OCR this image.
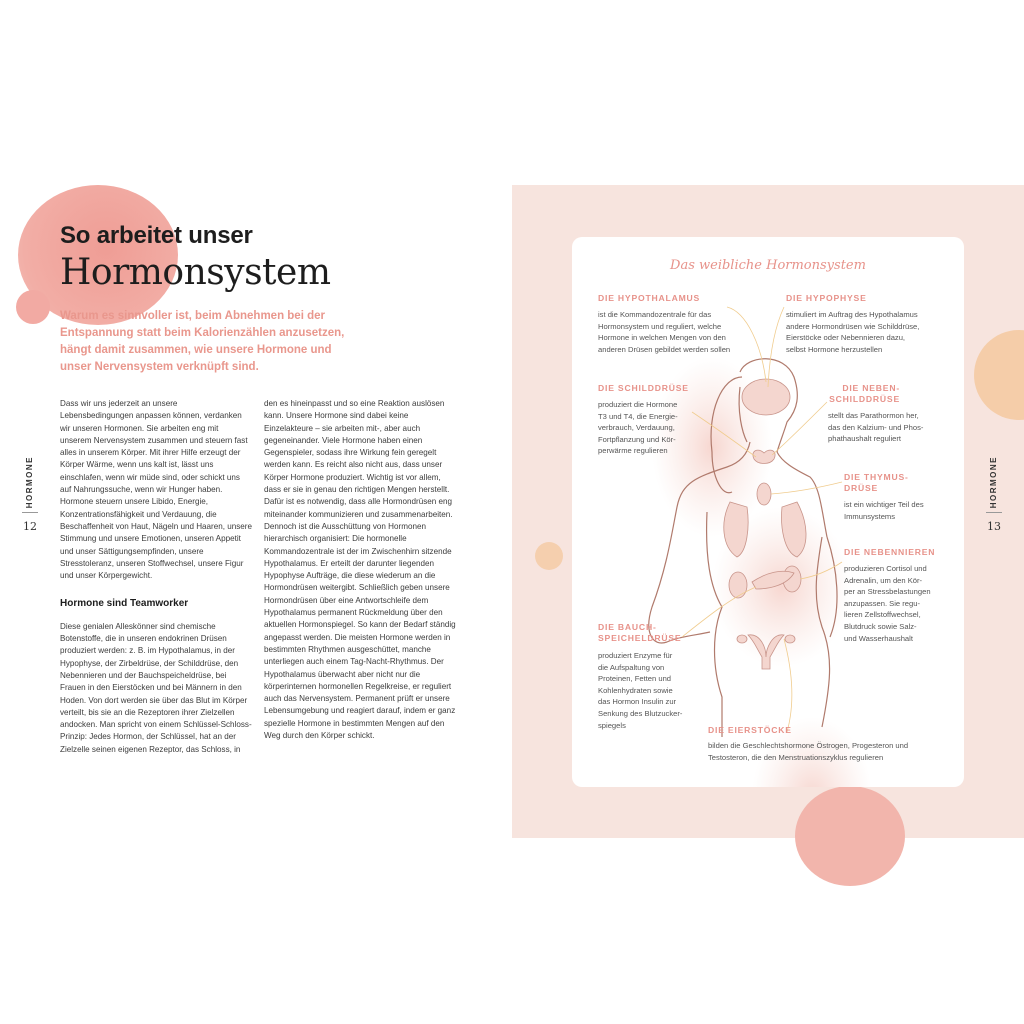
So arbeitet unser
Hormonsystem
Warum es sinnvoller ist, beim Abnehmen bei der Entspannung statt beim Kalorienzählen anzusetzen, hängt damit zusammen, wie unsere Hormone und unser Nervensystem verknüpft sind.

Dass wir uns jederzeit an unsere Lebensbedingungen anpassen können, verdanken wir unseren Hormonen. Sie arbeiten eng mit unserem Nervensystem zusammen und steuern fast alles in unserem Körper. Mit ihrer Hilfe erzeugt der Körper Wärme, wenn uns kalt ist, lässt uns einschlafen, wenn wir müde sind, oder schickt uns auf Nahrungssuche, wenn wir Hunger haben. Hormone steuern unsere Libido, Energie, Konzentrationsfähigkeit und Verdauung, die Beschaffenheit von Haut, Nägeln und Haaren, unsere Stimmung und unsere Emotionen, unseren Appetit und unser Sättigungsempfinden, unsere Stresstoleranz, unseren Stoffwechsel, unsere Figur und unser Körpergewicht.

Hormone sind Teamworker

Diese genialen Alleskönner sind chemische Botenstoffe, die in unseren endokrinen Drüsen produziert werden: z. B. im Hypothalamus, in der Hypophyse, der Zirbeldrüse, der Schilddrüse, den Nebennieren und der Bauchspeicheldrüse, bei Frauen in den Eierstöcken und bei Männern in den Hoden. Von dort werden sie über das Blut im Körper verteilt, bis sie an die Rezeptoren ihrer Zielzellen andocken. Man spricht von einem Schlüssel-Schloss-Prinzip: Jedes Hormon, der Schlüssel, hat an der Zielzelle seinen eigenen Rezeptor, das Schloss, in

den es hineinpasst und so eine Reaktion auslösen kann. Unsere Hormone sind dabei keine Einzelakteure – sie arbeiten mit-, aber auch gegeneinander. Viele Hormone haben einen Gegenspieler, sodass ihre Wirkung fein geregelt werden kann. Es reicht also nicht aus, dass unser Körper Hormone produziert. Wichtig ist vor allem, dass er sie in genau den richtigen Mengen herstellt. Dafür ist es notwendig, dass alle Hormondrüsen eng miteinander kommunizieren und zusammenarbeiten. Dennoch ist die Ausschüttung von Hormonen hierarchisch organisiert: Die hormonelle Kommandozentrale ist der im Zwischenhirn sitzende Hypothalamus. Er erteilt der darunter liegenden Hypophyse Aufträge, die diese wiederum an die Hormondrüsen weitergibt. Schließlich geben unsere Hormondrüsen über eine Antwortschleife dem Hypothalamus permanent Rückmeldung über den aktuellen Hormonspiegel. So kann der Bedarf ständig angepasst werden. Die meisten Hormone werden in bestimmten Rhythmen ausgeschüttet, manche unterliegen auch einem Tag-Nacht-Rhythmus. Der Hypothalamus überwacht aber nicht nur die körperinternen hormonellen Regelkreise, er reguliert auch das Nervensystem. Permanent prüft er unsere Lebensumgebung und reagiert darauf, indem er ganz spezielle Hormone in bestimmten Mengen auf den Weg durch den Körper schickt.

HORMONE
12
HORMONE
13
Das weibliche Hormonsystem
DIE HYPOTHALAMUS
ist die Kommandozentrale für das
Hormonsystem und reguliert, welche
Hormone in welchen Mengen von den
anderen Drüsen gebildet werden sollen
DIE HYPOPHYSE
stimuliert im Auftrag des Hypothalamus
andere Hormondrüsen wie Schilddrüse,
Eierstöcke oder Nebennieren dazu,
selbst Hormone herzustellen
DIE SCHILDDRÜSE
produziert die Hormone
T3 und T4, die Energie-
verbrauch, Verdauung,
Fortpflanzung und Kör-
perwärme regulieren
DIE NEBEN-
SCHILDDRÜSE
stellt das Parathormon her,
das den Kalzium- und Phos-
phathaushalt reguliert
DIE THYMUS-
DRÜSE
ist ein wichtiger Teil des
Immunsystems
DIE NEBENNIEREN
produzieren Cortisol und
Adrenalin, um den Kör-
per an Stressbelastungen
anzupassen. Sie regu-
lieren Zellstoffwechsel,
Blutdruck sowie Salz-
und Wasserhaushalt
DIE BAUCH-
SPEICHELDRÜSE
produziert Enzyme für
die Aufspaltung von
Proteinen, Fetten und
Kohlenhydraten sowie
das Hormon Insulin zur
Senkung des Blutzucker-
spiegels	DIE EIERSTÖCKE
bilden die Geschlechtshormone Östrogen, Progesteron und
Testosteron, die den Menstruationszyklus regulieren
